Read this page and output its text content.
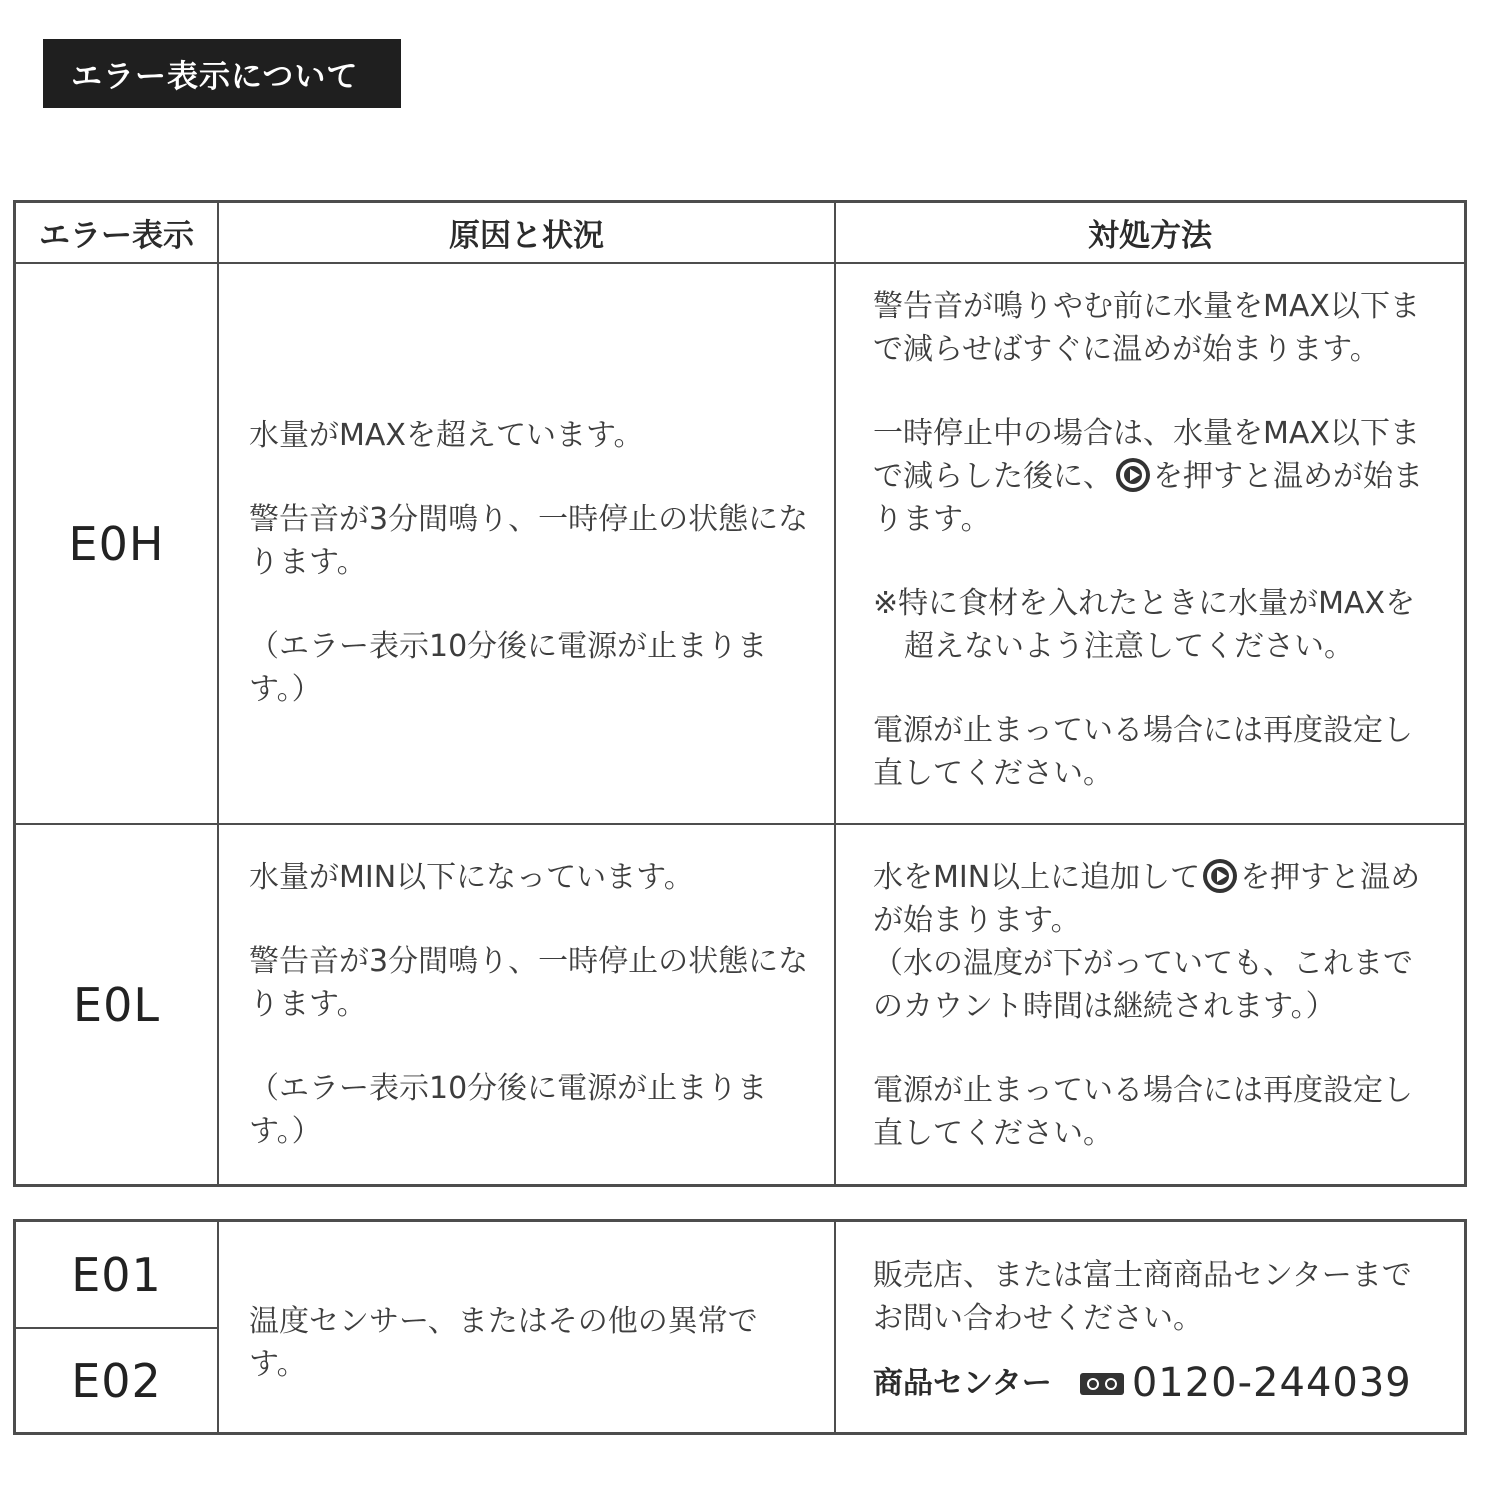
エラー表示について
エラー表示	原因と状況	対処方法
E0H

水量がMAXを超えています。

警告音が3分間鳴り、一時停止の状態になります。

（エラー表示10分後に電源が止まります。）

警告音が鳴りやむ前に水量をMAX以下まで減らせばすぐに温めが始まります。

一時停止中の場合は、水量をMAX以下まで減らした後に、 を押すと温めが始まります。

※特に食材を入れたときに水量がMAXを超えないよう注意してください。

電源が止まっている場合には再度設定し直してください。

E0L

水量がMIN以下になっています。

警告音が3分間鳴り、一時停止の状態になります。

（エラー表示10分後に電源が止まります。）

水をMIN以上に追加して を押すと温めが始まります。

（水の温度が下がっていても、これまでのカウント時間は継続されます。）

電源が止まっている場合には再度設定し直してください。

E01
E02
温度センサー、またはその他の異常です。

販売店、または富士商商品センターまでお問い合わせください。

商品センター 0120-244039
